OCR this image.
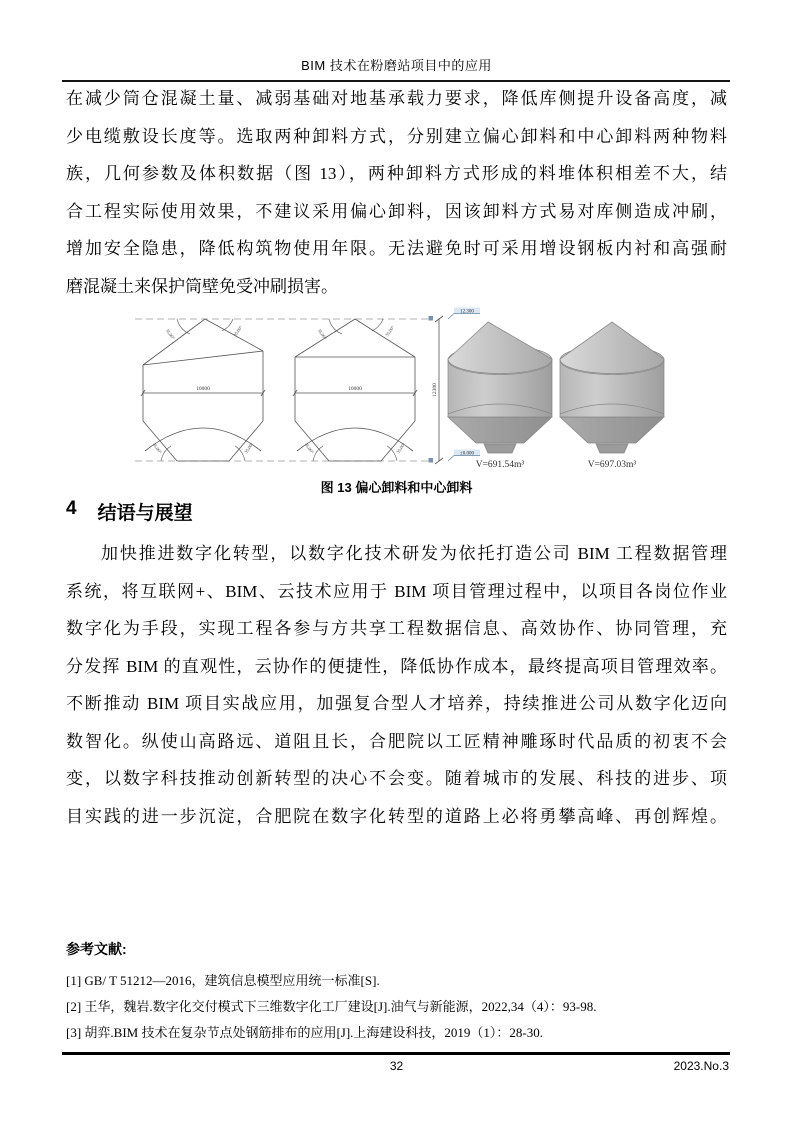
BIM 技术在粉磨站项目中的应用
在减少筒仓混凝土量、减弱基础对地基承载力要求，降低库侧提升设备高度，减
少电缆敷设长度等。选取两种卸料方式，分别建立偏心卸料和中心卸料两种物料
族，几何参数及体积数据（图 13），两种卸料方式形成的料堆体积相差不大，结
合工程实际使用效果，不建议采用偏心卸料，因该卸料方式易对库侧造成冲刷，
增加安全隐患，降低构筑物使用年限。无法避免时可采用增设钢板内衬和高强耐
磨混凝土来保护筒壁免受冲刷损害。
10000
35.00°	35.00°
35.00°	35.00°
10000
35.00°	35.00°
35.00°	35.00°
12300
12.300
±0.000
V=691.54m³	V=697.03m³
图 13 偏心卸料和中心卸料
4 结语与展望
加快推进数字化转型，以数字化技术研发为依托打造公司 BIM 工程数据管理
系统，将互联网+、BIM、云技术应用于 BIM 项目管理过程中，以项目各岗位作业
数字化为手段，实现工程各参与方共享工程数据信息、高效协作、协同管理，充
分发挥 BIM 的直观性，云协作的便捷性，降低协作成本，最终提高项目管理效率。
不断推动 BIM 项目实战应用，加强复合型人才培养，持续推进公司从数字化迈向
数智化。纵使山高路远、道阻且长，合肥院以工匠精神雕琢时代品质的初衷不会
变，以数字科技推动创新转型的决心不会变。随着城市的发展、科技的进步、项
目实践的进一步沉淀，合肥院在数字化转型的道路上必将勇攀高峰、再创辉煌。
参考文献:
[1] GB/ T 51212—2016，建筑信息模型应用统一标准[S].
[2] 王华，魏岩.数字化交付模式下三维数字化工厂建设[J].油气与新能源，2022,34（4）：93-98.
[3] 胡弈.BIM 技术在复杂节点处钢筋排布的应用[J].上海建设科技，2019（1）：28-30.
32	2023.No.3
